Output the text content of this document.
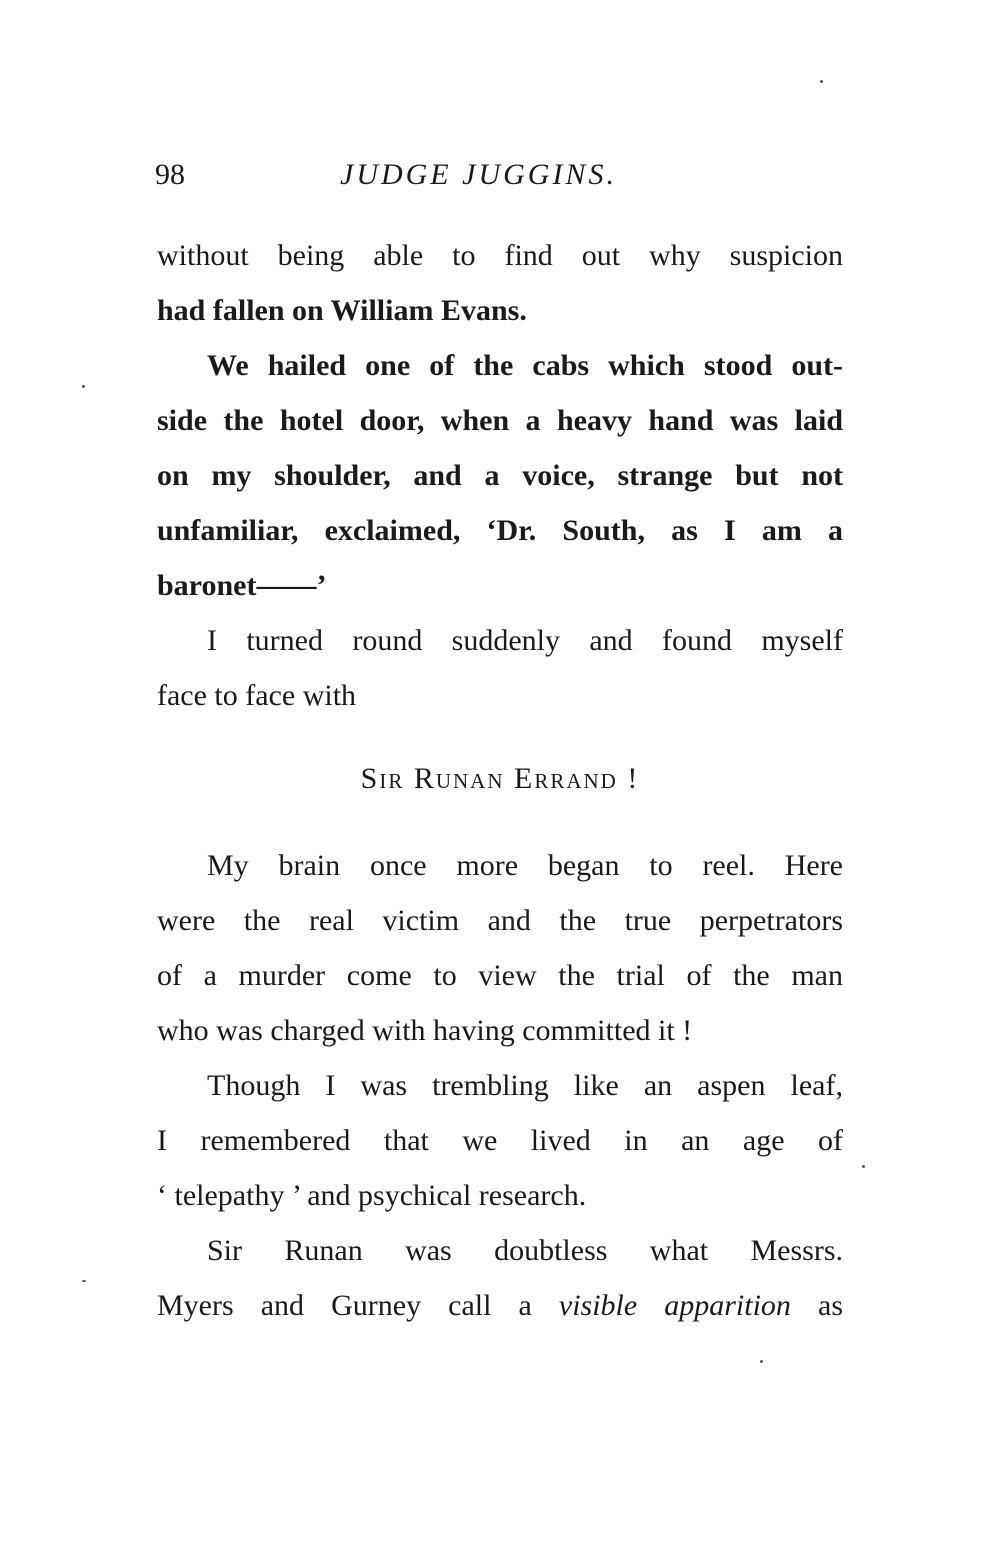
98	JUDGE JUGGINS.

without being able to find out why suspicion
had fallen on William Evans.

We hailed one of the cabs which stood out-
side the hotel door, when a heavy hand was laid
on my shoulder, and a voice, strange but not
unfamiliar, exclaimed, ‘Dr. South, as I am a
baronet——’

I turned round suddenly and found myself
face to face with

Sir Runan Errand !

My brain once more began to reel. Here
were the real victim and the true perpetrators
of a murder come to view the trial of the man
who was charged with having committed it !

Though I was trembling like an aspen leaf,
I remembered that we lived in an age of
‘ telepathy ’ and psychical research.

Sir Runan was doubtless what Messrs.
Myers and Gurney call a visible apparition as
